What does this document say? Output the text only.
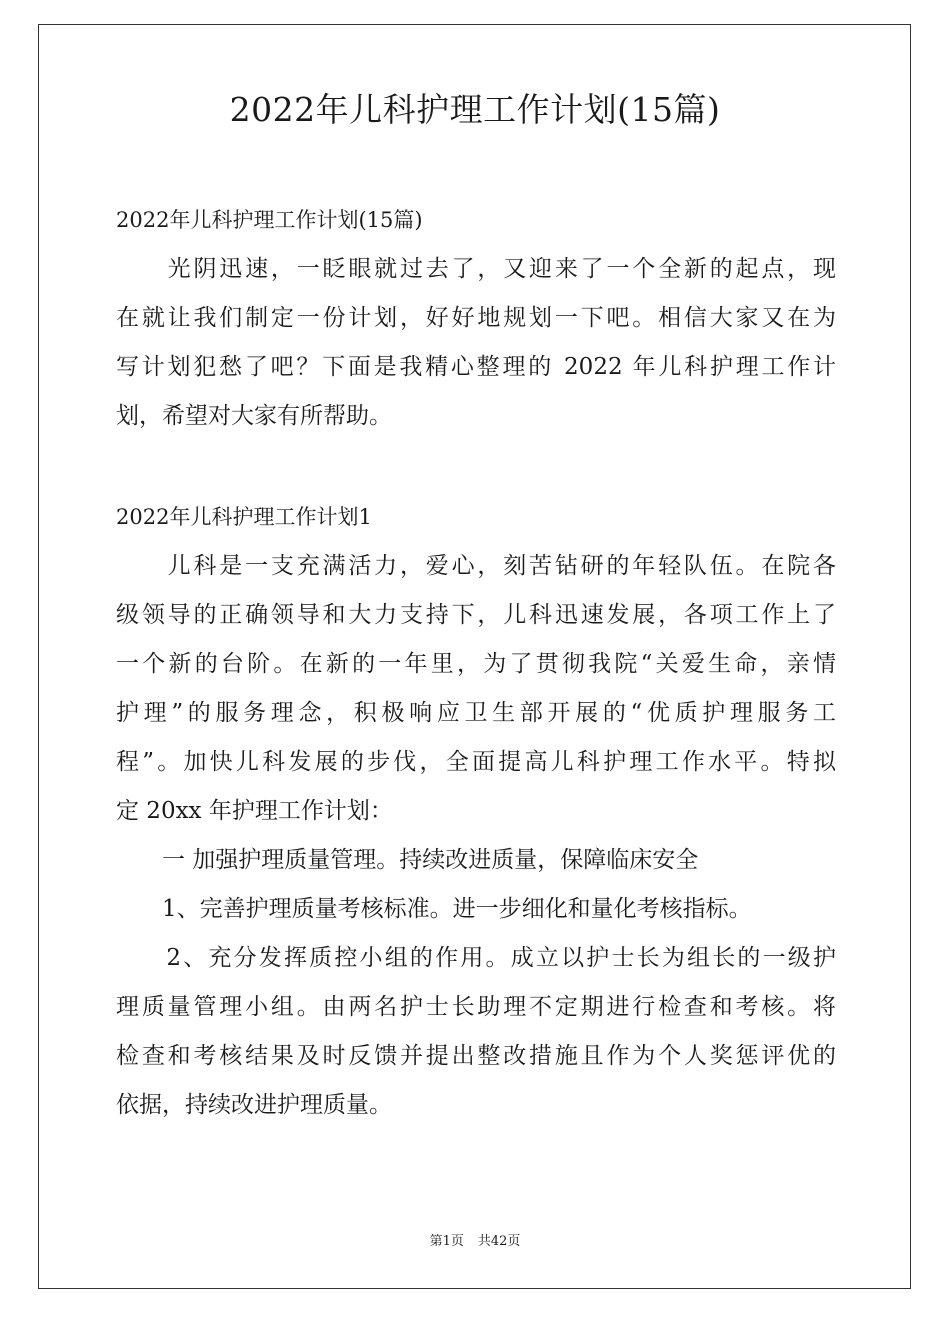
2022年儿科护理工作计划(15篇)
2022年儿科护理工作计划(15篇)
　　光阴迅速，一眨眼就过去了，又迎来了一个全新的起点，现
在就让我们制定一份计划，好好地规划一下吧。相信大家又在为
写计划犯愁了吧？下面是我精心整理的 2022 年儿科护理工作计
划，希望对大家有所帮助。
2022年儿科护理工作计划1
　　儿科是一支充满活力，爱心，刻苦钻研的年轻队伍。在院各
级领导的正确领导和大力支持下，儿科迅速发展，各项工作上了
一个新的台阶。在新的一年里，为了贯彻我院“关爱生命，亲情
护理”的服务理念，积极响应卫生部开展的“优质护理服务工
程”。加快儿科发展的步伐，全面提高儿科护理工作水平。特拟
定 20xx 年护理工作计划：
　　一 加强护理质量管理。持续改进质量，保障临床安全
　　1、完善护理质量考核标准。进一步细化和量化考核指标。
　　2、充分发挥质控小组的作用。成立以护士长为组长的一级护
理质量管理小组。由两名护士长助理不定期进行检查和考核。将
检查和考核结果及时反馈并提出整改措施且作为个人奖惩评优的
依据，持续改进护理质量。
第1页 共42页
